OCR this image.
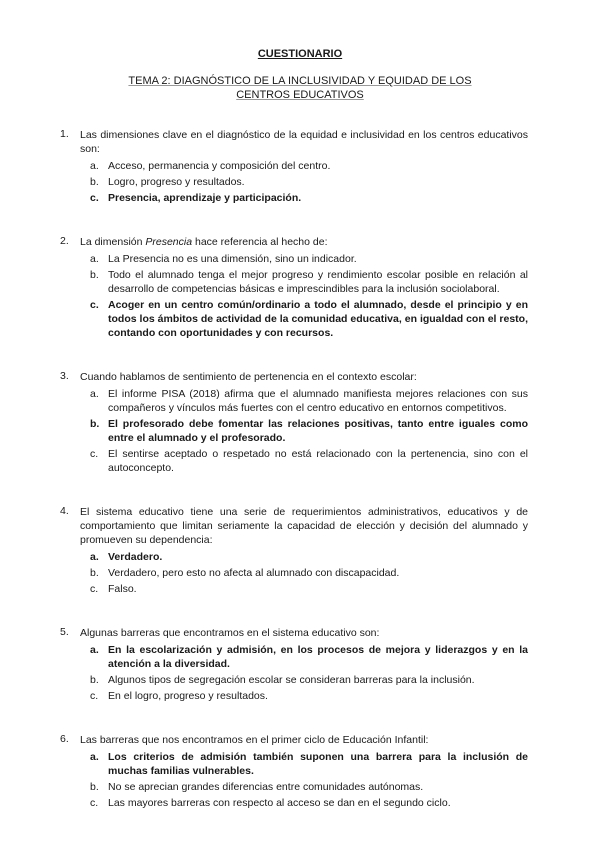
CUESTIONARIO
TEMA 2: DIAGNÓSTICO DE LA INCLUSIVIDAD Y EQUIDAD DE LOS
CENTROS EDUCATIVOS
1. Las dimensiones clave en el diagnóstico de la equidad e inclusividad en los centros educativos son:

a. Acceso, permanencia y composición del centro.
b. Logro, progreso y resultados.
c. Presencia, aprendizaje y participación.
2. La dimensión Presencia hace referencia al hecho de:

a. La Presencia no es una dimensión, sino un indicador.
b. Todo el alumnado tenga el mejor progreso y rendimiento escolar posible en relación al desarrollo de competencias básicas e imprescindibles para la inclusión sociolaboral.
c. Acoger en un centro común/ordinario a todo el alumnado, desde el principio y en todos los ámbitos de actividad de la comunidad educativa, en igualdad con el resto, contando con oportunidades y con recursos.
3. Cuando hablamos de sentimiento de pertenencia en el contexto escolar:

a. El informe PISA (2018) afirma que el alumnado manifiesta mejores relaciones con sus compañeros y vínculos más fuertes con el centro educativo en entornos competitivos.
b. El profesorado debe fomentar las relaciones positivas, tanto entre iguales como entre el alumnado y el profesorado.
c. El sentirse aceptado o respetado no está relacionado con la pertenencia, sino con el autoconcepto.
4. El sistema educativo tiene una serie de requerimientos administrativos, educativos y de comportamiento que limitan seriamente la capacidad de elección y decisión del alumnado y promueven su dependencia:

a. Verdadero.
b. Verdadero, pero esto no afecta al alumnado con discapacidad.
c. Falso.
5. Algunas barreras que encontramos en el sistema educativo son:

a. En la escolarización y admisión, en los procesos de mejora y liderazgos y en la atención a la diversidad.
b. Algunos tipos de segregación escolar se consideran barreras para la inclusión.
c. En el logro, progreso y resultados.
6. Las barreras que nos encontramos en el primer ciclo de Educación Infantil:

a. Los criterios de admisión también suponen una barrera para la inclusión de muchas familias vulnerables.
b. No se aprecian grandes diferencias entre comunidades autónomas.
c. Las mayores barreras con respecto al acceso se dan en el segundo ciclo.
